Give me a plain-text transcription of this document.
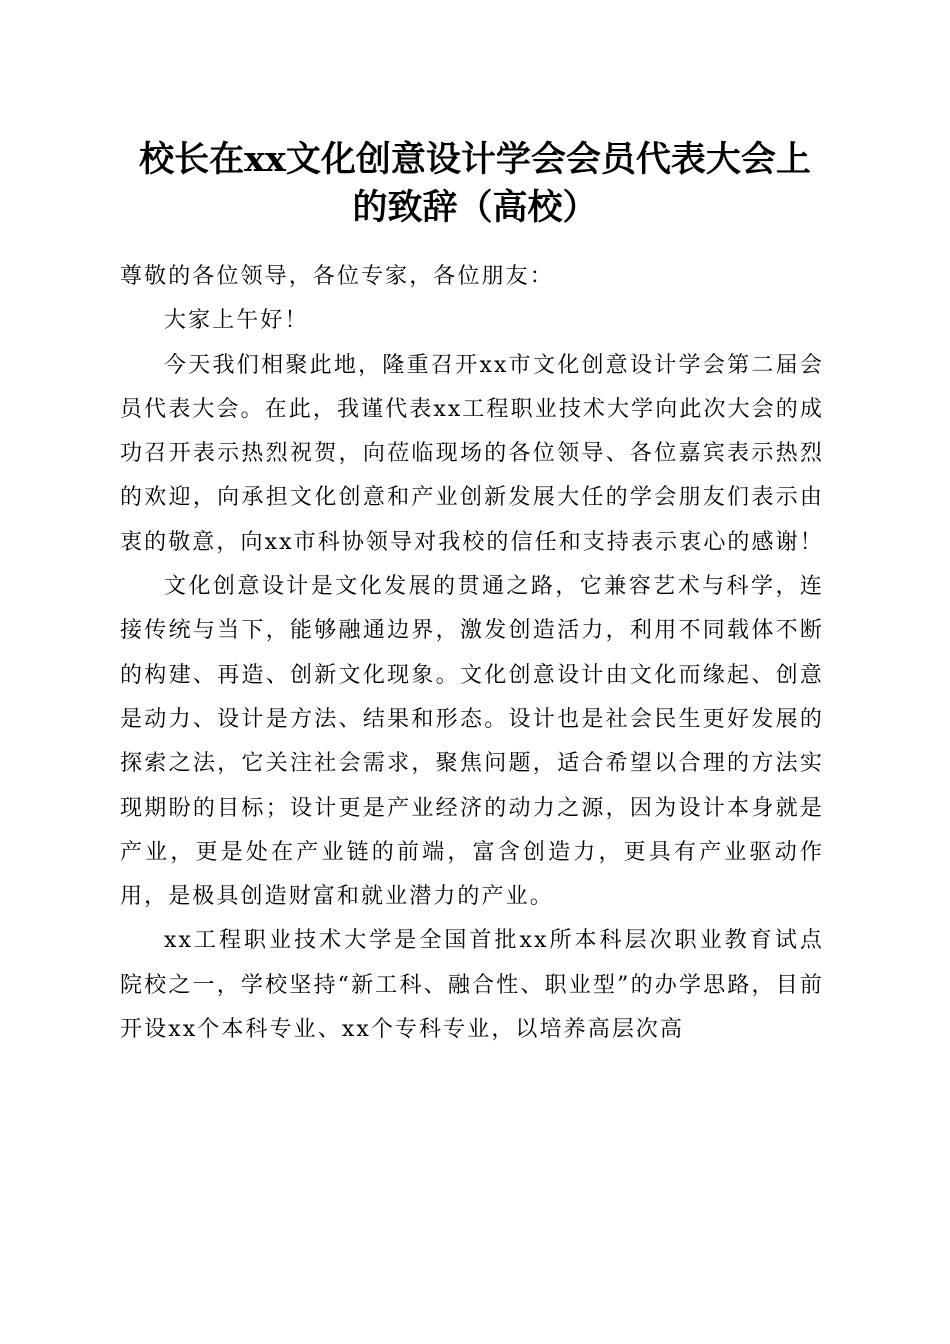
校长在xx文化创意设计学会会员代表大会上
的致辞（高校）

尊敬的各位领导，各位专家，各位朋友：

大家上午好！

今天我们相聚此地，隆重召开xx市文化创意设计学会第二届会员代表大会。在此，我谨代表xx工程职业技术大学向此次大会的成功召开表示热烈祝贺，向莅临现场的各位领导、各位嘉宾表示热烈的欢迎，向承担文化创意和产业创新发展大任的学会朋友们表示由衷的敬意，向xx市科协领导对我校的信任和支持表示衷心的感谢！

文化创意设计是文化发展的贯通之路，它兼容艺术与科学，连接传统与当下，能够融通边界，激发创造活力，利用不同载体不断的构建、再造、创新文化现象。文化创意设计由文化而缘起、创意是动力、设计是方法、结果和形态。设计也是社会民生更好发展的探索之法，它关注社会需求，聚焦问题，适合希望以合理的方法实现期盼的目标；设计更是产业经济的动力之源，因为设计本身就是产业，更是处在产业链的前端，富含创造力，更具有产业驱动作用，是极具创造财富和就业潜力的产业。

xx工程职业技术大学是全国首批xx所本科层次职业教育试点院校之一，学校坚持“新工科、融合性、职业型”的办学思路，目前开设xx个本科专业、xx个专科专业，以培养高层次高
